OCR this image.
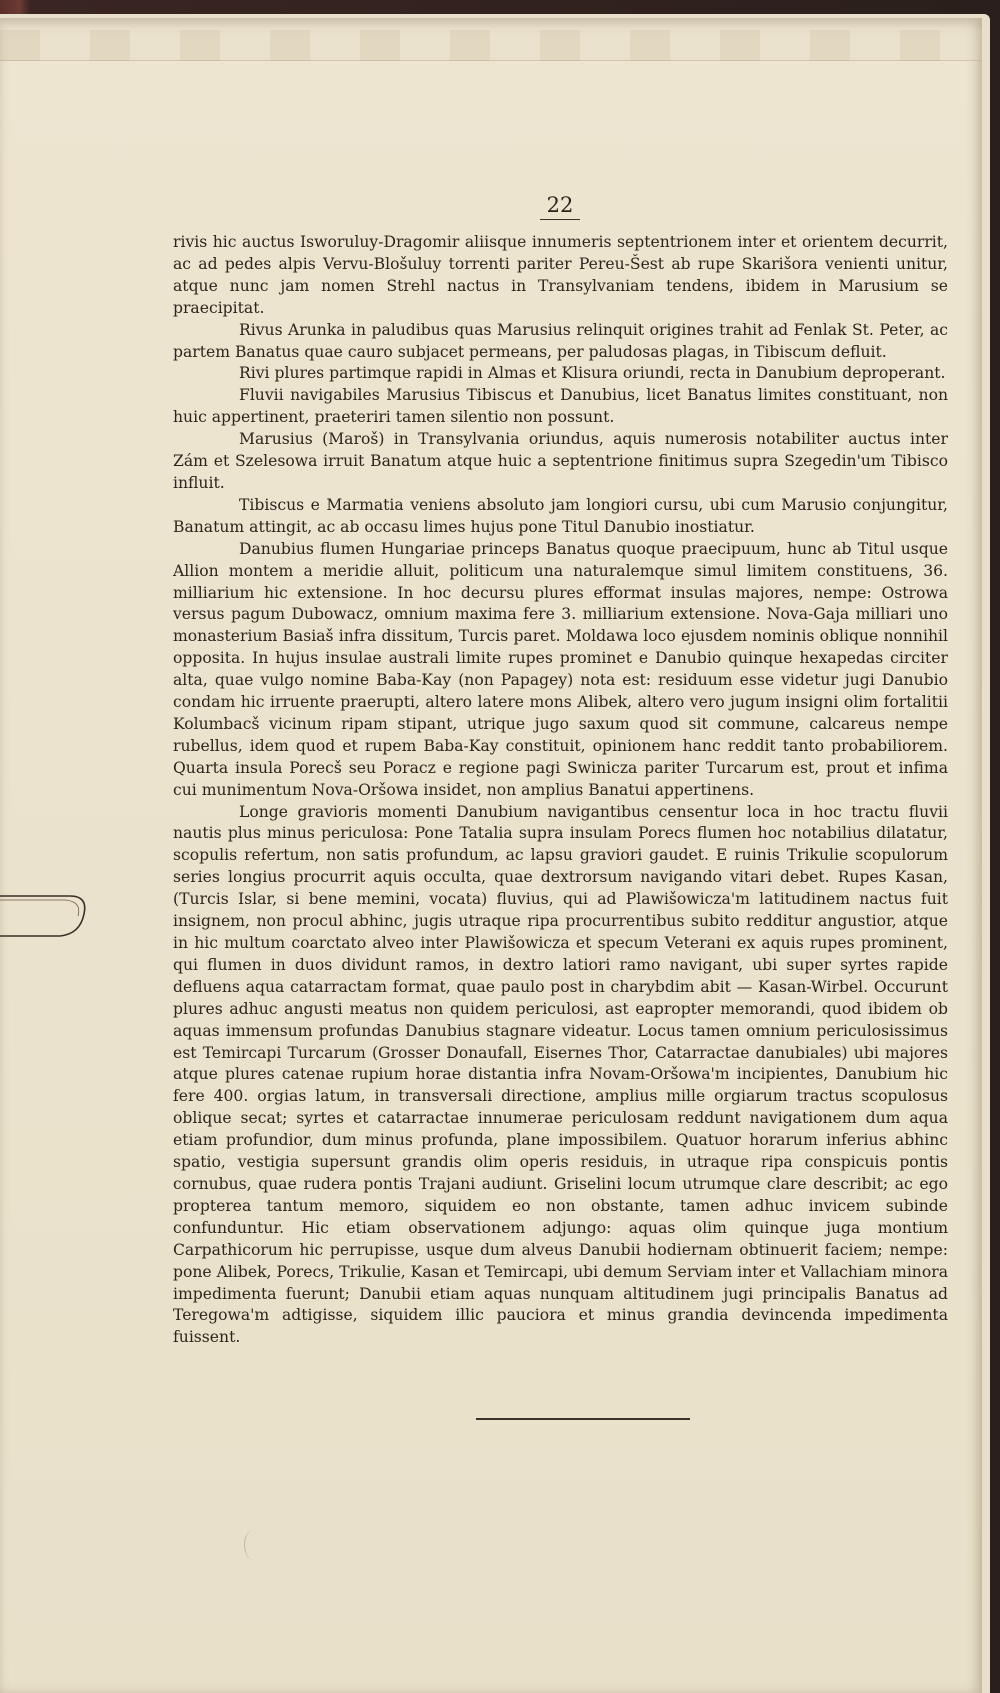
22

rivis hic auctus Isworuluy-Dragomir aliisque innumeris septentrionem inter et orientem decurrit, ac ad pedes alpis Vervu-Blošuluy torrenti pariter Pereu-Šest ab rupe Skarišora venienti unitur, atque nunc jam nomen Strehl nactus in Transylvaniam tendens, ibidem in Marusium se praecipitat.

Rivus Arunka in paludibus quas Marusius relinquit origines trahit ad Fenlak St. Peter, ac partem Banatus quae cauro subjacet permeans, per paludosas plagas, in Tibiscum defluit.

Rivi plures partimque rapidi in Almas et Klisura oriundi, recta in Danubium deproperant.

Fluvii navigabiles Marusius Tibiscus et Danubius, licet Banatus limites constituant, non huic appertinent, praeteriri tamen silentio non possunt.

Marusius (Maroš) in Transylvania oriundus, aquis numerosis notabiliter auctus inter Zám et Szelesowa irruit Banatum atque huic a septentrione finitimus supra Szegedin'um Tibisco influit.

Tibiscus e Marmatia veniens absoluto jam longiori cursu, ubi cum Marusio conjungitur, Banatum attingit, ac ab occasu limes hujus pone Titul Danubio inostiatur.

Danubius flumen Hungariae princeps Banatus quoque praecipuum, hunc ab Titul usque Allion montem a meridie alluit, politicum una naturalemque simul limitem constituens, 36. milliarium hic extensione. In hoc decursu plures efformat insulas majores, nempe: Ostrowa versus pagum Dubowacz, omnium maxima fere 3. milliarium extensione. Nova-Gaja milliari uno monasterium Basiaš infra dissitum, Turcis paret. Moldawa loco ejusdem nominis oblique nonnihil opposita. In hujus insulae australi limite rupes prominet e Danubio quinque hexapedas circiter alta, quae vulgo nomine Baba-Kay (non Papagey) nota est: residuum esse videtur jugi Danubio condam hic irruente praerupti, altero latere mons Alibek, altero vero jugum insigni olim fortalitii Kolumbacš vicinum ripam stipant, utrique jugo saxum quod sit commune, calcareus nempe rubellus, idem quod et rupem Baba-Kay constituit, opinionem hanc reddit tanto probabiliorem. Quarta insula Porecš seu Poracz e regione pagi Swinicza pariter Turcarum est, prout et infima cui munimentum Nova-Oršowa insidet, non amplius Banatui appertinens.

Longe gravioris momenti Danubium navigantibus censentur loca in hoc tractu fluvii nautis plus minus periculosa: Pone Tatalia supra insulam Porecs flumen hoc notabilius dilatatur, scopulis refertum, non satis profundum, ac lapsu graviori gaudet. E ruinis Trikulie scopulorum series longius procurrit aquis occulta, quae dextrorsum navigando vitari debet. Rupes Kasan, (Turcis Islar, si bene memini, vocata) fluvius, qui ad Plawišowicza'm latitudinem nactus fuit insignem, non procul abhinc, jugis utraque ripa procurrentibus subito redditur angustior, atque in hic multum coarctato alveo inter Plawišowicza et specum Veterani ex aquis rupes prominent, qui flumen in duos dividunt ramos, in dextro latiori ramo navigant, ubi super syrtes rapide defluens aqua catarractam format, quae paulo post in charybdim abit — Kasan-Wirbel. Occurunt plures adhuc angusti meatus non quidem periculosi, ast eapropter memorandi, quod ibidem ob aquas immensum profundas Danubius stagnare videatur. Locus tamen omnium periculosissimus est Temircapi Turcarum (Grosser Donaufall, Eisernes Thor, Catarractae danubiales) ubi majores atque plures catenae rupium horae distantia infra Novam-Oršowa'm incipientes, Danubium hic fere 400. orgias latum, in transversali directione, amplius mille orgiarum tractus scopulosus oblique secat; syrtes et catarractae innumerae periculosam reddunt navigationem dum aqua etiam profundior, dum minus profunda, plane impossibilem. Quatuor horarum inferius abhinc spatio, vestigia supersunt grandis olim operis residuis, in utraque ripa conspicuis pontis cornubus, quae rudera pontis Trajani audiunt. Griselini locum utrumque clare describit; ac ego propterea tantum memoro, siquidem eo non obstante, tamen adhuc invicem subinde confunduntur. Hic etiam observationem adjungo: aquas olim quinque juga montium Carpathicorum hic perrupisse, usque dum alveus Danubii hodiernam obtinuerit faciem; nempe: pone Alibek, Porecs, Trikulie, Kasan et Temircapi, ubi demum Serviam inter et Vallachiam minora impedimenta fuerunt; Danubii etiam aquas nunquam altitudinem jugi principalis Banatus ad Teregowa'm adtigisse, siquidem illic pauciora et minus grandia devincenda impedimenta fuissent.
